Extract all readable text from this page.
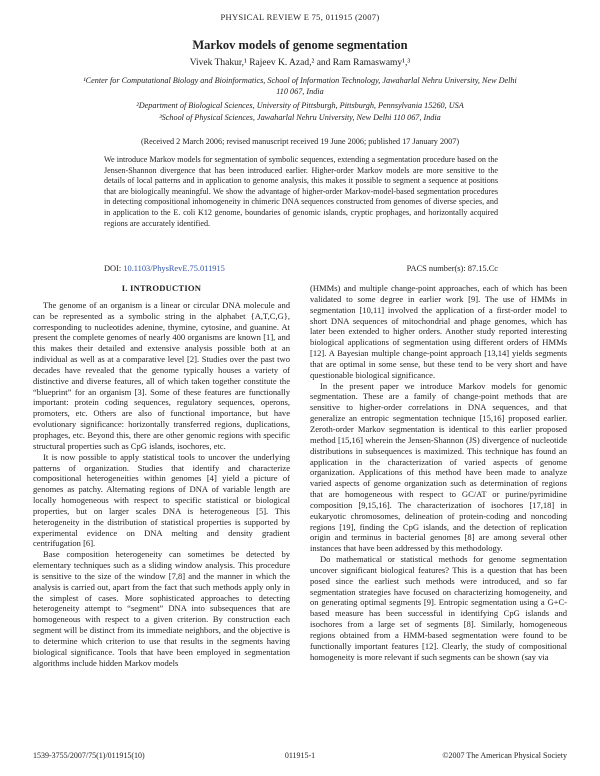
PHYSICAL REVIEW E 75, 011915 (2007)
Markov models of genome segmentation
Vivek Thakur,¹ Rajeev K. Azad,² and Ram Ramaswamy¹,³
¹Center for Computational Biology and Bioinformatics, School of Information Technology, Jawaharlal Nehru University, New Delhi 110 067, India
²Department of Biological Sciences, University of Pittsburgh, Pittsburgh, Pennsylvania 15260, USA
³School of Physical Sciences, Jawaharlal Nehru University, New Delhi 110 067, India
(Received 2 March 2006; revised manuscript received 19 June 2006; published 17 January 2007)
We introduce Markov models for segmentation of symbolic sequences, extending a segmentation procedure based on the Jensen-Shannon divergence that has been introduced earlier. Higher-order Markov models are more sensitive to the details of local patterns and in application to genome analysis, this makes it possible to segment a sequence at positions that are biologically meaningful. We show the advantage of higher-order Markov-model-based segmentation procedures in detecting compositional inhomogeneity in chimeric DNA sequences constructed from genomes of diverse species, and in application to the E. coli K12 genome, boundaries of genomic islands, cryptic prophages, and horizontally acquired regions are accurately identified.
DOI: 10.1103/PhysRevE.75.011915	PACS number(s): 87.15.Cc
I. INTRODUCTION

The genome of an organism is a linear or circular DNA molecule and can be represented as a symbolic string in the alphabet {A,T,C,G}, corresponding to nucleotides adenine, thymine, cytosine, and guanine. At present the complete genomes of nearly 400 organisms are known [1], and this makes their detailed and extensive analysis possible both at an individual as well as at a comparative level [2]. Studies over the past two decades have revealed that the genome typically houses a variety of distinctive and diverse features, all of which taken together constitute the “blueprint” for an organism [3]. Some of these features are functionally important: protein coding sequences, regulatory sequences, operons, promoters, etc. Others are also of functional importance, but have evolutionary significance: horizontally transferred regions, duplications, prophages, etc. Beyond this, there are other genomic regions with specific structural properties such as CpG islands, isochores, etc.

It is now possible to apply statistical tools to uncover the underlying patterns of organization. Studies that identify and characterize compositional heterogeneities within genomes [4] yield a picture of genomes as patchy. Alternating regions of DNA of variable length are locally homogeneous with respect to specific statistical or biological properties, but on larger scales DNA is heterogeneous [5]. This heterogeneity in the distribution of statistical properties is supported by experimental evidence on DNA melting and density gradient centrifugation [6].

Base composition heterogeneity can sometimes be detected by elementary techniques such as a sliding window analysis. This procedure is sensitive to the size of the window [7,8] and the manner in which the analysis is carried out, apart from the fact that such methods apply only in the simplest of cases. More sophisticated approaches to detecting heterogeneity attempt to “segment” DNA into subsequences that are homogeneous with respect to a given criterion. By construction each segment will be distinct from its immediate neighbors, and the objective is to determine which criterion to use that results in the segments having biological significance. Tools that have been employed in segmentation algorithms include hidden Markov models

(HMMs) and multiple change-point approaches, each of which has been validated to some degree in earlier work [9]. The use of HMMs in segmentation [10,11] involved the application of a first-order model to short DNA sequences of mitochondrial and phage genomes, which has later been extended to higher orders. Another study reported interesting biological applications of segmentation using different orders of HMMs [12]. A Bayesian multiple change-point approach [13,14] yields segments that are optimal in some sense, but these tend to be very short and have questionable biological significance.

In the present paper we introduce Markov models for genomic segmentation. These are a family of change-point methods that are sensitive to higher-order correlations in DNA sequences, and that generalize an entropic segmentation technique [15,16] proposed earlier. Zeroth-order Markov segmentation is identical to this earlier proposed method [15,16] wherein the Jensen-Shannon (JS) divergence of nucleotide distributions in subsequences is maximized. This technique has found an application in the characterization of varied aspects of genome organization. Applications of this method have been made to analyze varied aspects of genome organization such as determination of regions that are homogeneous with respect to GC/AT or purine/pyrimidine composition [9,15,16]. The characterization of isochores [17,18] in eukaryotic chromosomes, delineation of protein-coding and noncoding regions [19], finding the CpG islands, and the detection of replication origin and terminus in bacterial genomes [8] are among several other instances that have been addressed by this methodology.

Do mathematical or statistical methods for genome segmentation uncover significant biological features? This is a question that has been posed since the earliest such methods were introduced, and so far segmentation strategies have focused on characterizing homogeneity, and on generating optimal segments [9]. Entropic segmentation using a G+C-based measure has been successful in identifying CpG islands and isochores from a large set of segments [8]. Similarly, homogeneous regions obtained from a HMM-based segmentation were found to be functionally important features [12]. Clearly, the study of compositional homogeneity is more relevant if such segments can be shown (say via

1539-3755/2007/75(1)/011915(10)	011915-1	©2007 The American Physical Society
